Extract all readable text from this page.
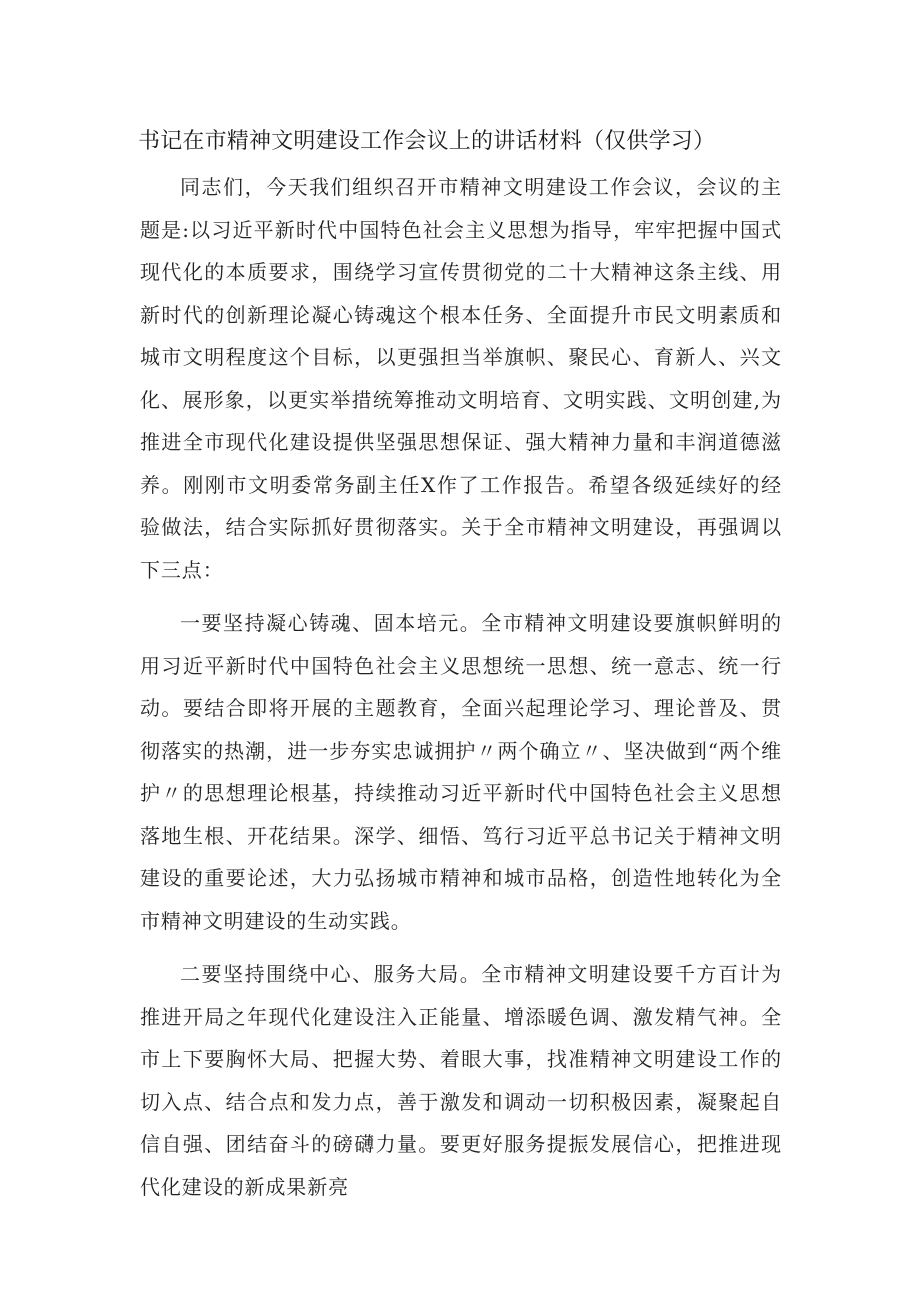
书记在市精神文明建设工作会议上的讲话材料（仅供学习）

同志们，今天我们组织召开市精神文明建设工作会议，会议的主题是:以习近平新时代中国特色社会主义思想为指导，牢牢把握中国式现代化的本质要求，围绕学习宣传贯彻党的二十大精神这条主线、用新时代的创新理论凝心铸魂这个根本任务、全面提升市民文明素质和城市文明程度这个目标，以更强担当举旗帜、聚民心、育新人、兴文化、展形象，以更实举措统筹推动文明培育、文明实践、文明创建,为推进全市现代化建设提供坚强思想保证、强大精神力量和丰润道德滋养。刚刚市文明委常务副主任X作了工作报告。希望各级延续好的经验做法，结合实际抓好贯彻落实。关于全市精神文明建设，再强调以下三点：

一要坚持凝心铸魂、固本培元。全市精神文明建设要旗帜鲜明的用习近平新时代中国特色社会主义思想统一思想、统一意志、统一行动。要结合即将开展的主题教育，全面兴起理论学习、理论普及、贯彻落实的热潮，进一步夯实忠诚拥护〃两个确立〃、坚决做到“两个维护〃的思想理论根基，持续推动习近平新时代中国特色社会主义思想落地生根、开花结果。深学、细悟、笃行习近平总书记关于精神文明建设的重要论述，大力弘扬城市精神和城市品格，创造性地转化为全市精神文明建设的生动实践。

二要坚持围绕中心、服务大局。全市精神文明建设要千方百计为推进开局之年现代化建设注入正能量、增添暖色调、激发精气神。全市上下要胸怀大局、把握大势、着眼大事，找准精神文明建设工作的切入点、结合点和发力点，善于激发和调动一切积极因素，凝聚起自信自强、团结奋斗的磅礴力量。要更好服务提振发展信心，把推进现代化建设的新成果新亮
